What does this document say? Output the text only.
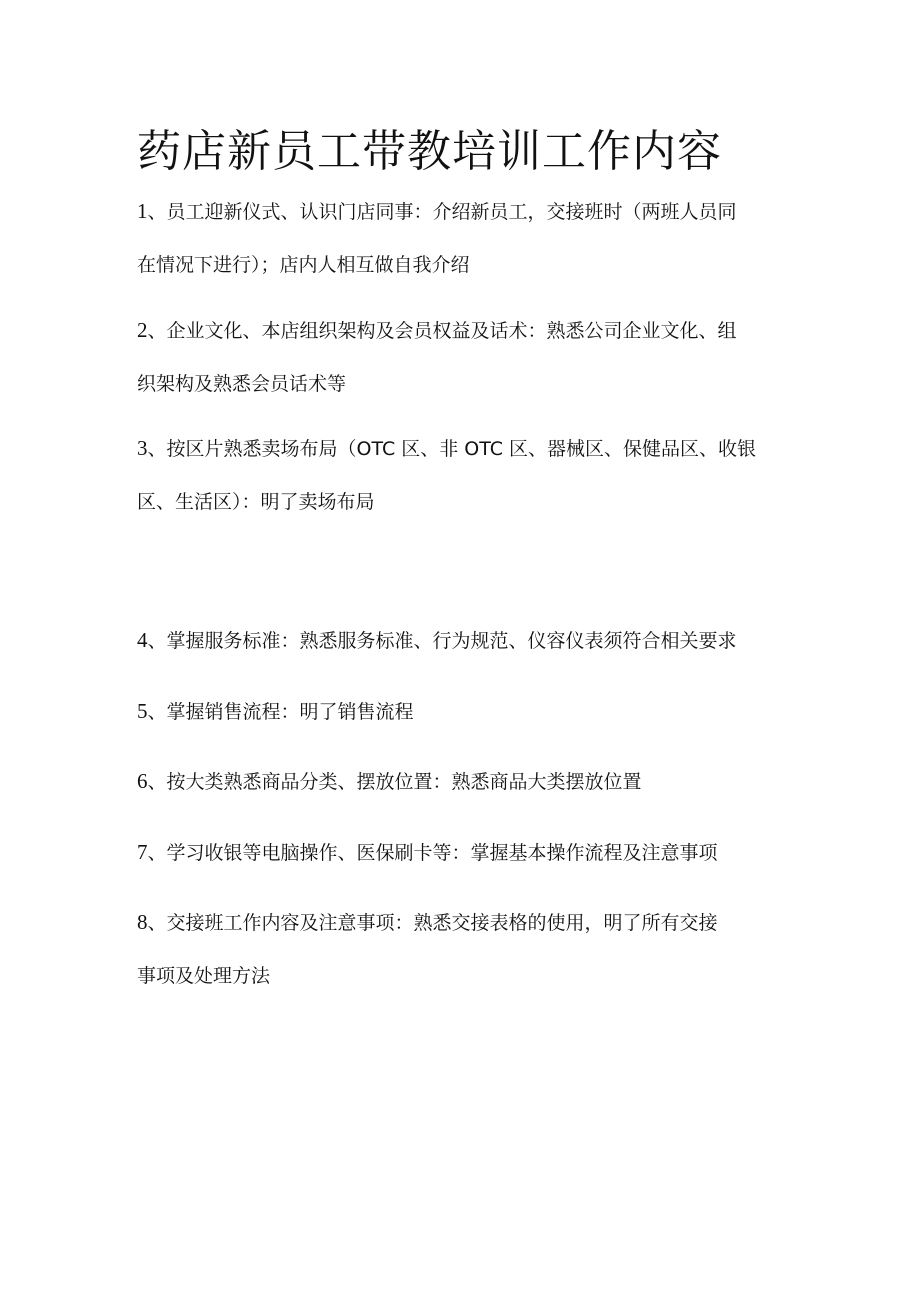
药店新员工带教培训工作内容
1、员工迎新仪式、认识门店同事：介绍新员工，交接班时（两班人员同
在情况下进行）；店内人相互做自我介绍
2、企业文化、本店组织架构及会员权益及话术：熟悉公司企业文化、组
织架构及熟悉会员话术等
3、按区片熟悉卖场布局（OTC 区、非 OTC 区、器械区、保健品区、收银
区、生活区）：明了卖场布局
4、掌握服务标准：熟悉服务标准、行为规范、仪容仪表须符合相关要求
5、掌握销售流程：明了销售流程
6、按大类熟悉商品分类、摆放位置：熟悉商品大类摆放位置
7、学习收银等电脑操作、医保刷卡等：掌握基本操作流程及注意事项
8、交接班工作内容及注意事项：熟悉交接表格的使用，明了所有交接
事项及处理方法
